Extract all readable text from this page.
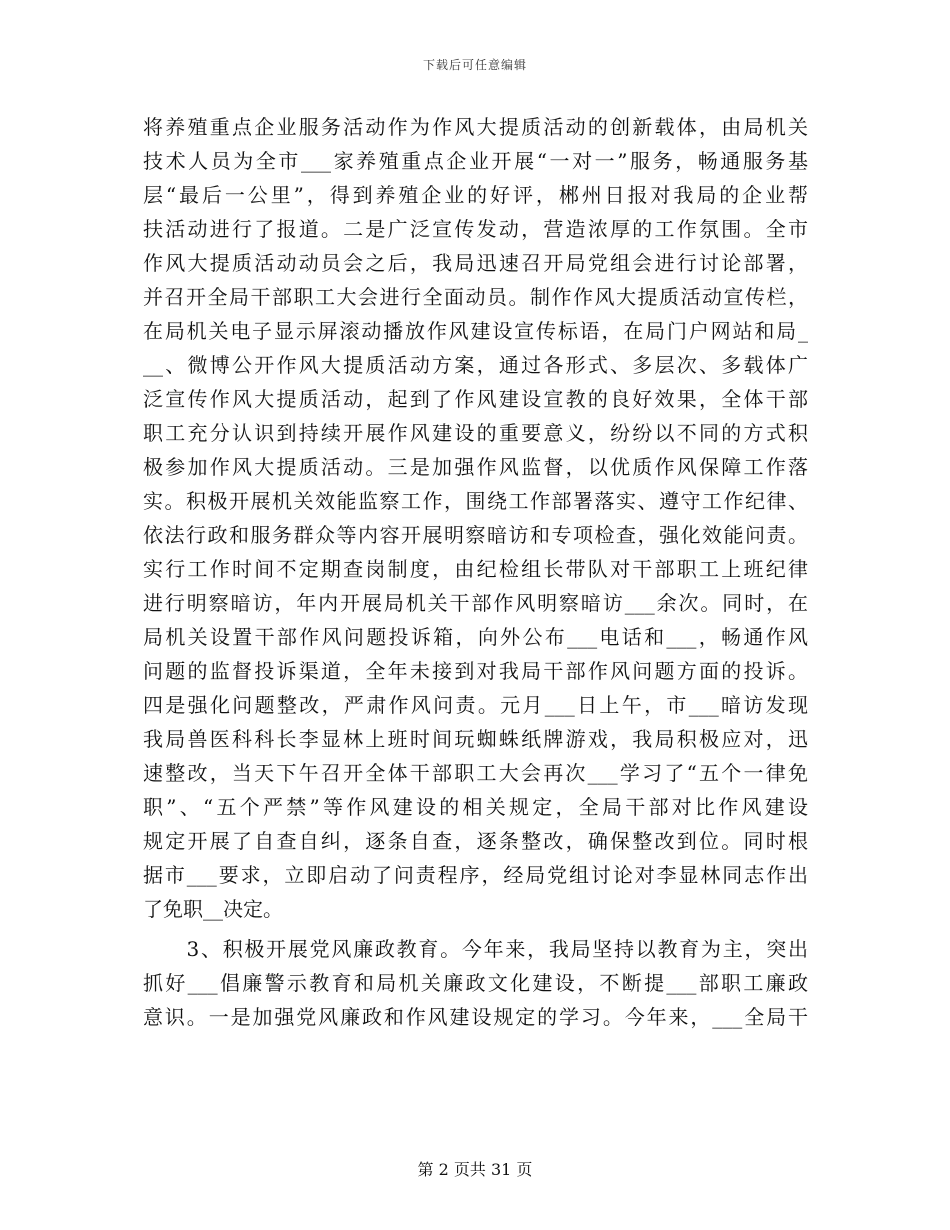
下载后可任意编辑
将养殖重点企业服务活动作为作风大提质活动的创新载体，由局机关
技术人员为全市___家养殖重点企业开展“一对一”服务，畅通服务基
层“最后一公里”，得到养殖企业的好评，郴州日报对我局的企业帮
扶活动进行了报道。二是广泛宣传发动，营造浓厚的工作氛围。全市
作风大提质活动动员会之后，我局迅速召开局党组会进行讨论部署，
并召开全局干部职工大会进行全面动员。制作作风大提质活动宣传栏，
在局机关电子显示屏滚动播放作风建设宣传标语，在局门户网站和局_
__、微博公开作风大提质活动方案，通过各形式、多层次、多载体广
泛宣传作风大提质活动，起到了作风建设宣教的良好效果，全体干部
职工充分认识到持续开展作风建设的重要意义，纷纷以不同的方式积
极参加作风大提质活动。三是加强作风监督，以优质作风保障工作落
实。积极开展机关效能监察工作，围绕工作部署落实、遵守工作纪律、
依法行政和服务群众等内容开展明察暗访和专项检查，强化效能问责。
实行工作时间不定期查岗制度，由纪检组长带队对干部职工上班纪律
进行明察暗访，年内开展局机关干部作风明察暗访___余次。同时，在
局机关设置干部作风问题投诉箱，向外公布___电话和___，畅通作风
问题的监督投诉渠道，全年未接到对我局干部作风问题方面的投诉。
四是强化问题整改，严肃作风问责。元月___日上午，市___暗访发现
我局兽医科科长李显林上班时间玩蜘蛛纸牌游戏，我局积极应对，迅
速整改，当天下午召开全体干部职工大会再次___学习了“五个一律免
职”、“五个严禁”等作风建设的相关规定，全局干部对比作风建设
规定开展了自查自纠，逐条自查，逐条整改，确保整改到位。同时根
据市___要求，立即启动了问责程序，经局党组讨论对李显林同志作出
了免职__决定。
　　3、积极开展党风廉政教育。今年来，我局坚持以教育为主，突出
抓好___倡廉警示教育和局机关廉政文化建设，不断提___部职工廉政
意识。一是加强党风廉政和作风建设规定的学习。今年来，___全局干
第 2 页共 31 页
